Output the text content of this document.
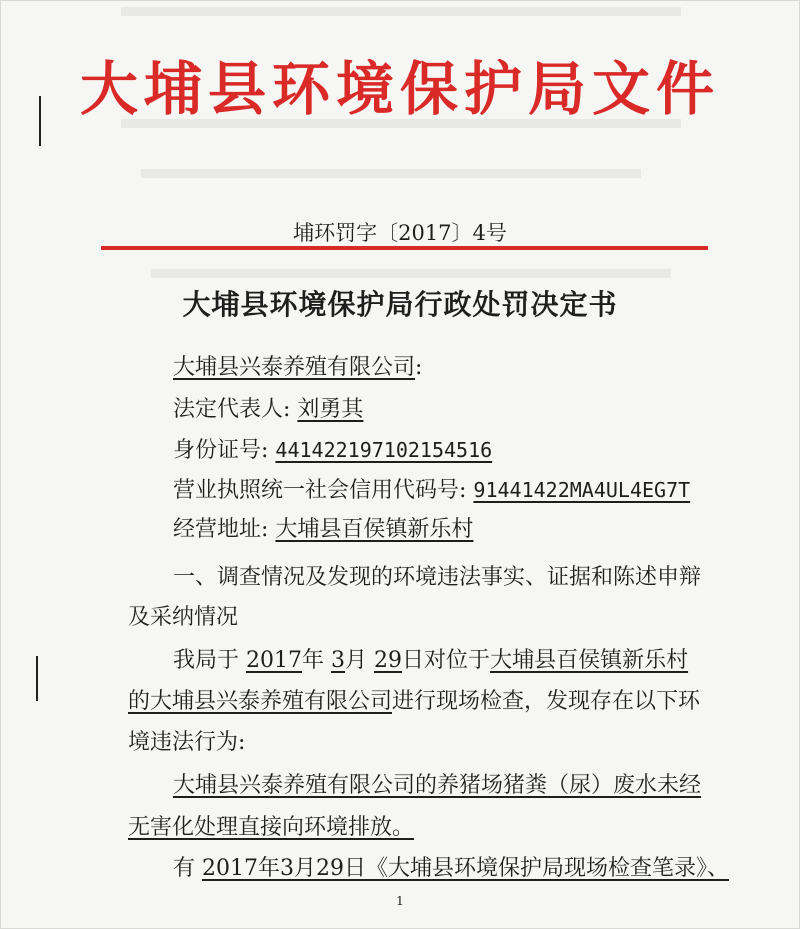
大埔县环境保护局文件
埔环罚字〔2017〕4号
大埔县环境保护局行政处罚决定书
大埔县兴泰养殖有限公司:
法定代表人: 刘勇其
身份证号: 441422197102154516
营业执照统一社会信用代码号: 91441422MA4UL4EG7T
经营地址: 大埔县百侯镇新乐村
一、调查情况及发现的环境违法事实、证据和陈述申辩
及采纳情况
我局于 2017年 3月 29日对位于大埔县百侯镇新乐村
的大埔县兴泰养殖有限公司进行现场检查，发现存在以下环
境违法行为:
大埔县兴泰养殖有限公司的养猪场猪粪（尿）废水未经
无害化处理直接向环境排放。
有 2017年3月29日《大埔县环境保护局现场检查笔录》、
1
